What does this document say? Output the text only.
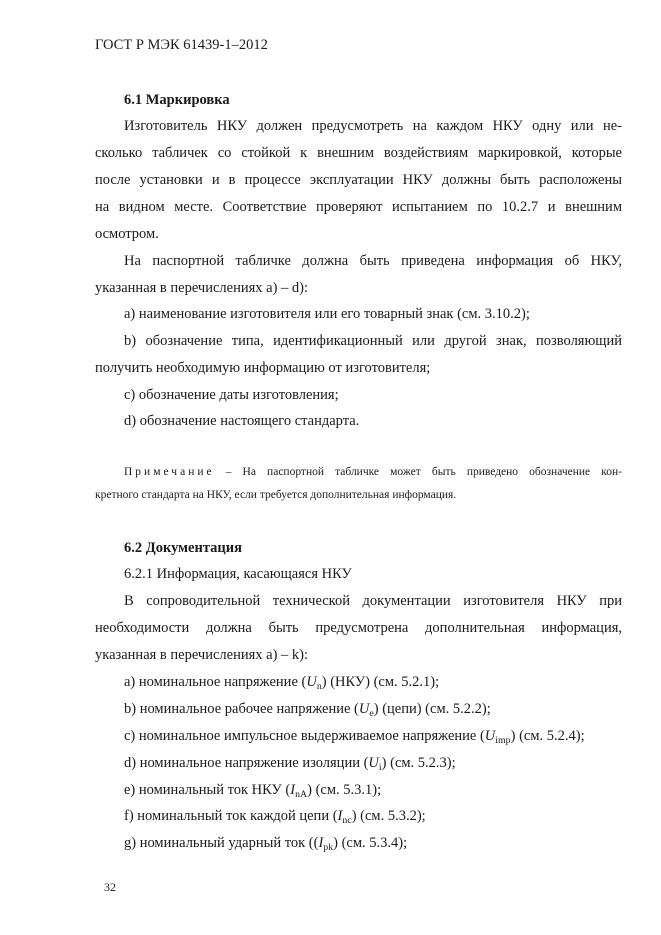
ГОСТ Р МЭК 61439-1–2012
6.1 Маркировка
Изготовитель НКУ должен предусмотреть на каждом НКУ одну или не-
сколько табличек со стойкой к внешним воздействиям маркировкой, которые
после установки и в процессе эксплуатации НКУ должны быть расположены
на видном месте. Соответствие проверяют испытанием по 10.2.7 и внешним
осмотром.
На паспортной табличке должна быть приведена информация об НКУ,
указанная в перечислениях а) – d):
а) наименование изготовителя или его товарный знак (см. 3.10.2);
b) обозначение типа, идентификационный или другой знак, позволяющий
получить необходимую информацию от изготовителя;
c) обозначение даты изготовления;
d) обозначение настоящего стандарта.
Примечание – На паспортной табличке может быть приведено обозначение кон-
кретного стандарта на НКУ, если требуется дополнительная информация.
6.2 Документация
6.2.1 Информация, касающаяся НКУ
В сопроводительной технической документации изготовителя НКУ при
необходимости должна быть предусмотрена дополнительная информация,
указанная в перечислениях а) – k):
а) номинальное напряжение $(U_n)$ (НКУ) (см. 5.2.1);
b) номинальное рабочее напряжение $(U_e)$ (цепи) (см. 5.2.2);
c) номинальное импульсное выдерживаемое напряжение $(U_{imp})$ (см. 5.2.4);
d) номинальное напряжение изоляции $(U_i)$ (см. 5.2.3);
e) номинальный ток НКУ $(I_{nA})$ (см. 5.3.1);
f) номинальный ток каждой цепи $(I_{nc})$ (см. 5.3.2);
g) номинальный ударный ток ($(I_{pk})$ (см. 5.3.4);
32
